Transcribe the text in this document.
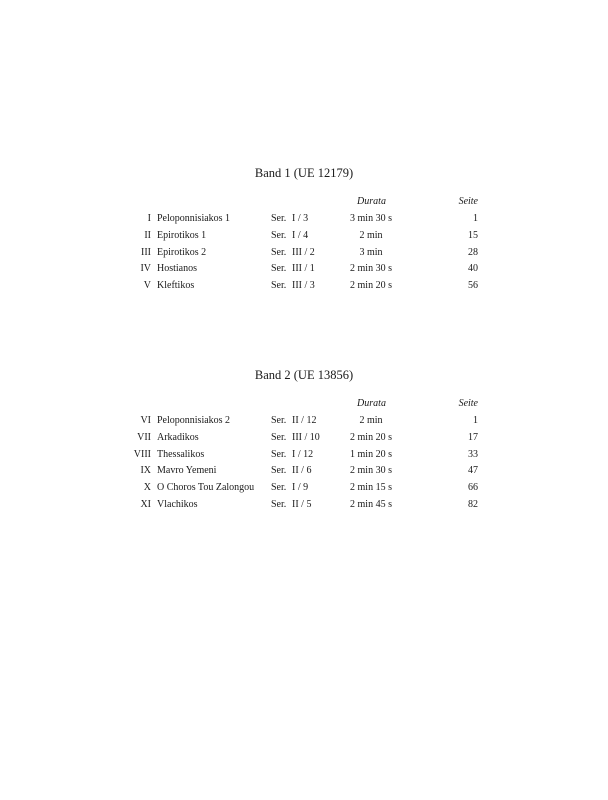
Band 1 (UE 12179)
Durata	Seite
I Peloponnisiakos 1	Ser. I / 3	3 min 30 s	1
II Epirotikos 1	Ser. I / 4	2 min	15
III Epirotikos 2	Ser. III / 2	3 min	28
IV Hostianos	Ser. III / 1	2 min 30 s	40
V Kleftikos	Ser. III / 3	2 min 20 s	56
Band 2 (UE 13856)
Durata	Seite
VI Peloponnisiakos 2	Ser. II / 12	2 min	1
VII Arkadikos	Ser. III / 10	2 min 20 s	17
VIII Thessalikos	Ser. I / 12	1 min 20 s	33
IX Mavro Yemeni	Ser. II / 6	2 min 30 s	47
X O Choros Tou Zalongou Ser. I / 9	2 min 15 s	66
XI Vlachikos	Ser. II / 5	2 min 45 s	82
